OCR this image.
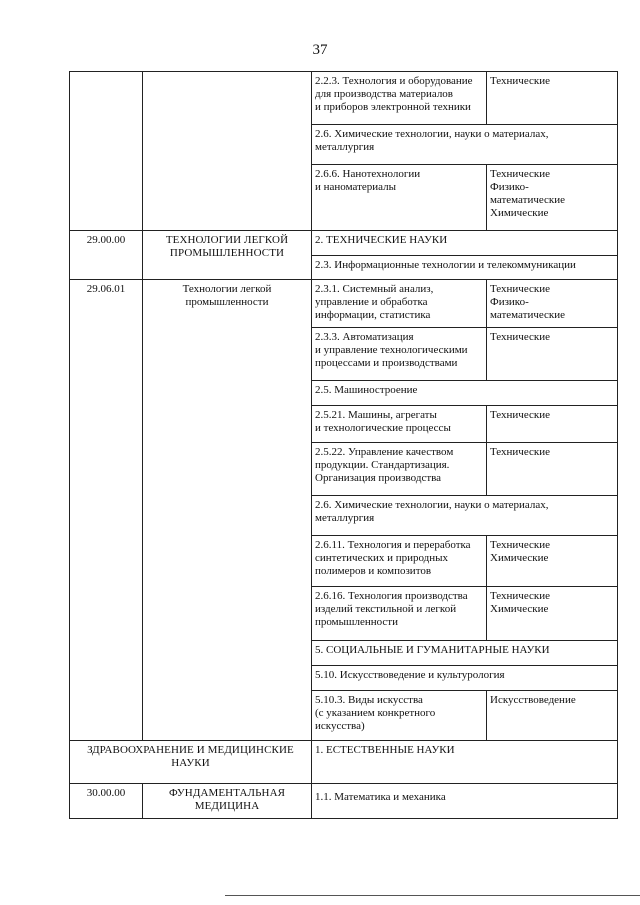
37
		2.2.3. Технология и оборудование
для производства материалов
и приборов электронной техники	Технические
		2.6. Химические технологии, науки о материалах,
металлургия	
		2.6.6. Нанотехнологии
и наноматериалы	Технические
Физико-
математические
Химические
29.00.00	ТЕХНОЛОГИИ ЛЕГКОЙ
ПРОМЫШЛЕННОСТИ	2. ТЕХНИЧЕСКИЕ НАУКИ	
		2.3. Информационные технологии и телекоммуникации	
29.06.01	Технологии легкой
промышленности	2.3.1. Системный анализ,
управление и обработка
информации, статистика	Технические
Физико-
математические
		2.3.3. Автоматизация
и управление технологическими
процессами и производствами	Технические
		2.5. Машиностроение	
		2.5.21. Машины, агрегаты
и технологические процессы	Технические
		2.5.22. Управление качеством
продукции. Стандартизация.
Организация производства	Технические
		2.6. Химические технологии, науки о материалах,
металлургия	
		2.6.11. Технология и переработка
синтетических и природных
полимеров и композитов	Технические
Химические
		2.6.16. Технология производства
изделий текстильной и легкой
промышленности	Технические
Химические
		5. СОЦИАЛЬНЫЕ И ГУМАНИТАРНЫЕ НАУКИ	
		5.10. Искусствоведение и культурология	
		5.10.3. Виды искусства
(с указанием конкретного
искусства)	Искусствоведение
ЗДРАВООХРАНЕНИЕ И МЕДИЦИНСКИЕ
НАУКИ		1. ЕСТЕСТВЕННЫЕ НАУКИ	
30.00.00	ФУНДАМЕНТАЛЬНАЯ
МЕДИЦИНА	1.1. Математика и механика	
